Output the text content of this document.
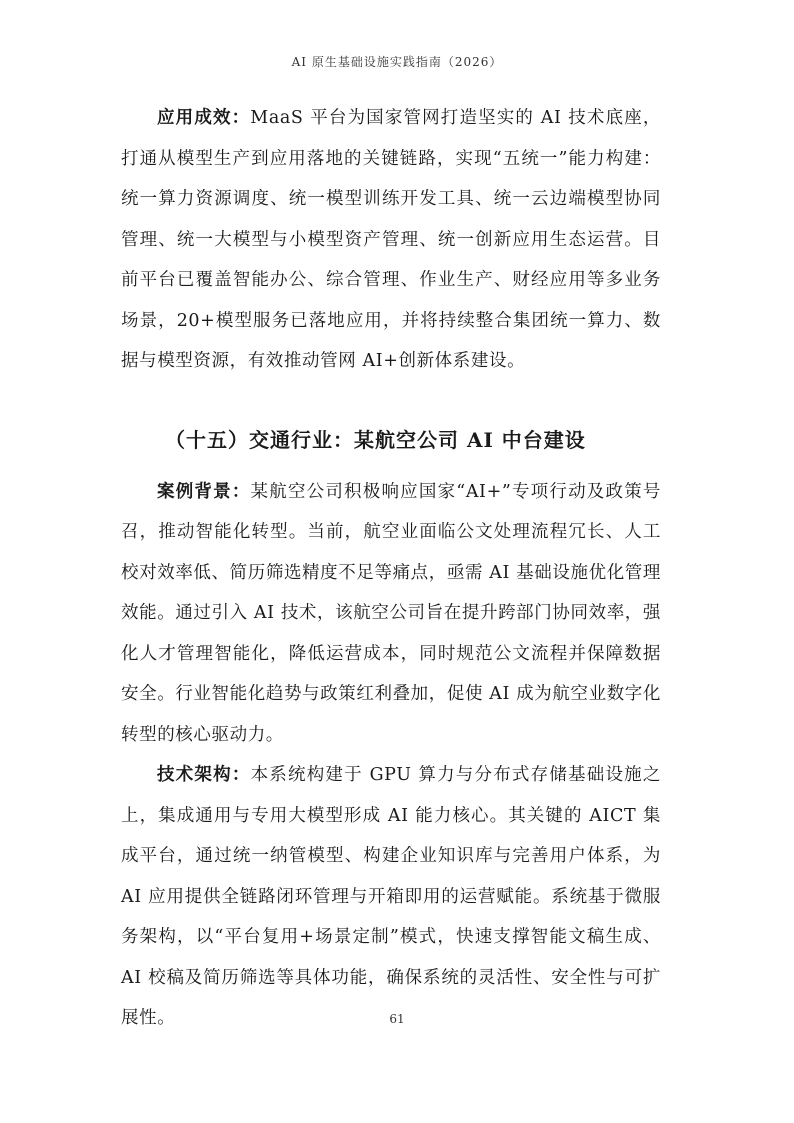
AI 原生基础设施实践指南（2026）

应用成效：MaaS 平台为国家管网打造坚实的 AI 技术底座，打通从模型生产到应用落地的关键链路，实现“五统一”能力构建：统一算力资源调度、统一模型训练开发工具、统一云边端模型协同管理、统一大模型与小模型资产管理、统一创新应用生态运营。目前平台已覆盖智能办公、综合管理、作业生产、财经应用等多业务场景，20+模型服务已落地应用，并将持续整合集团统一算力、数据与模型资源，有效推动管网 AI+创新体系建设。

（十五）交通行业：某航空公司 AI 中台建设

案例背景：某航空公司积极响应国家“AI+”专项行动及政策号召，推动智能化转型。当前，航空业面临公文处理流程冗长、人工校对效率低、简历筛选精度不足等痛点，亟需 AI 基础设施优化管理效能。通过引入 AI 技术，该航空公司旨在提升跨部门协同效率，强化人才管理智能化，降低运营成本，同时规范公文流程并保障数据安全。行业智能化趋势与政策红利叠加，促使 AI 成为航空业数字化转型的核心驱动力。

技术架构：本系统构建于 GPU 算力与分布式存储基础设施之上，集成通用与专用大模型形成 AI 能力核心。其关键的 AICT 集成平台，通过统一纳管模型、构建企业知识库与完善用户体系，为 AI 应用提供全链路闭环管理与开箱即用的运营赋能。系统基于微服务架构，以“平台复用+场景定制”模式，快速支撑智能文稿生成、AI 校稿及简历筛选等具体功能，确保系统的灵活性、安全性与可扩展性。	61
